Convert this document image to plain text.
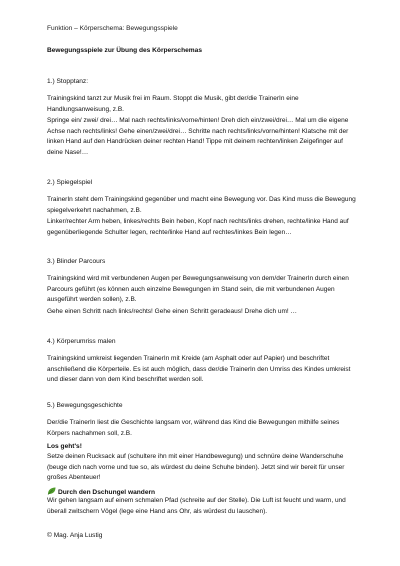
Funktion – Körperschema: Bewegungsspiele
Bewegungsspiele zur Übung des Körperschemas
1.) Stopptanz:

Trainingskind tanzt zur Musik frei im Raum. Stoppt die Musik, gibt der/die TrainerIn eine Handlungsanweisung, z.B.

Springe ein/ zwei/ drei… Mal nach rechts/links/vorne/hinten! Dreh dich ein/zwei/drei… Mal um die eigene Achse nach rechts/links! Gehe einen/zwei/drei… Schritte nach rechts/links/vorne/hinten! Klatsche mit der linken Hand auf den Handrücken deiner rechten Hand! Tippe mit deinem rechten/linken Zeigefinger auf deine Nase!…

2.) Spiegelspiel

TrainerIn steht dem Trainingskind gegenüber und macht eine Bewegung vor. Das Kind muss die Bewegung spiegelverkehrt nachahmen, z.B.

Linker/rechter Arm heben, linkes/rechts Bein heben, Kopf nach rechts/links drehen, rechte/linke Hand auf gegenüberliegende Schulter legen, rechte/linke Hand auf rechtes/linkes Bein legen…

3.) Blinder Parcours

Trainingskind wird mit verbundenen Augen per Bewegungsanweisung von dem/der TrainerIn durch einen Parcours geführt (es können auch einzelne Bewegungen im Stand sein, die mit verbundenen Augen ausgeführt werden sollen), z.B.

Gehe einen Schritt nach links/rechts! Gehe einen Schritt geradeaus! Drehe dich um! …

4.) Körperumriss malen

Trainingskind umkreist liegenden TrainerIn mit Kreide (am Asphalt oder auf Papier) und beschriftet anschließend die Körperteile. Es ist auch möglich, dass der/die TrainerIn den Umriss des Kindes umkreist und dieser dann von dem Kind beschriftet werden soll.

5.) Bewegungsgeschichte

Der/die TrainerIn liest die Geschichte langsam vor, während das Kind die Bewegungen mithilfe seines Körpers nachahmen soll, z.B.

Los geht's!

Setze deinen Rucksack auf (schultere ihn mit einer Handbewegung) und schnüre deine Wanderschuhe (beuge dich nach vorne und tue so, als würdest du deine Schuhe binden). Jetzt sind wir bereit für unser großes Abenteuer!

Durch den Dschungel wandern

Wir gehen langsam auf einem schmalen Pfad (schreite auf der Stelle). Die Luft ist feucht und warm, und überall zwitschern Vögel (lege eine Hand ans Ohr, als würdest du lauschen).

© Mag. Anja Lustig
